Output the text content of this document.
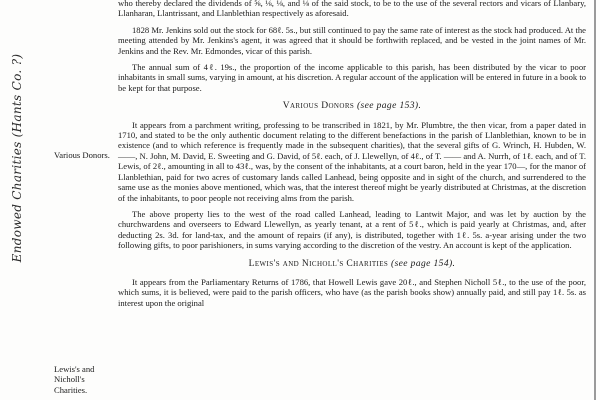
Endowed Charities (Hants Co. ?)	Various Donors.
Lewis's and Nicholl's Charities.

who thereby declared the dividends of ⅝, ⅛, ⅛, and ⅛ of the said stock, to be to the use of the several rectors and vicars of Llanbary, Llanharan, Llantrissant, and Llanblethian respectively as aforesaid.

1828 Mr. Jenkins sold out the stock for 68ℓ. 5s., but still continued to pay the same rate of interest as the stock had produced. At the meeting attended by Mr. Jenkins's agent, it was agreed that it should be forthwith replaced, and be vested in the joint names of Mr. Jenkins and the Rev. Mr. Edmondes, vicar of this parish.

The annual sum of 4ℓ. 19s., the proportion of the income applicable to this parish, has been distributed by the vicar to poor inhabitants in small sums, varying in amount, at his discretion. A regular account of the application will be entered in future in a book to be kept for that purpose.

Various Donors (see page 153).

It appears from a parchment writing, professing to be transcribed in 1821, by Mr. Plumbtre, the then vicar, from a paper dated in 1710, and stated to be the only authentic document relating to the different benefactions in the parish of Llanblethian, known to be in existence (and to which reference is frequently made in the subsequent charities), that the several gifts of G. Wrinch, H. Hubden, W. ——, N. John, M. David, E. Sweeting and G. David, of 5ℓ. each, of J. Llewellyn, of 4ℓ., of T. —— and A. Nurrh, of 1ℓ. each, and of T. Lewis, of 2ℓ., amounting in all to 43ℓ., was, by the consent of the inhabitants, at a court baron, held in the year 170—, for the manor of Llanblethian, paid for two acres of customary lands called Lanhead, being opposite and in sight of the church, and surrendered to the same use as the monies above mentioned, which was, that the interest thereof might be yearly distributed at Christmas, at the discretion of the inhabitants, to poor people not receiving alms from the parish.

The above property lies to the west of the road called Lanhead, leading to Lantwit Major, and was let by auction by the churchwardens and overseers to Edward Llewellyn, as yearly tenant, at a rent of 5ℓ., which is paid yearly at Christmas, and, after deducting 2s. 3d. for land-tax, and the amount of repairs (if any), is distributed, together with 1ℓ. 5s. a-year arising under the two following gifts, to poor parishioners, in sums varying according to the discretion of the vestry. An account is kept of the application.

Lewis's and Nicholl's Charities (see page 154).

It appears from the Parliamentary Returns of 1786, that Howell Lewis gave 20ℓ., and Stephen Nicholl 5ℓ., to the use of the poor, which sums, it is believed, were paid to the parish officers, who have (as the parish books show) annually paid, and still pay 1ℓ. 5s. as interest upon the original
